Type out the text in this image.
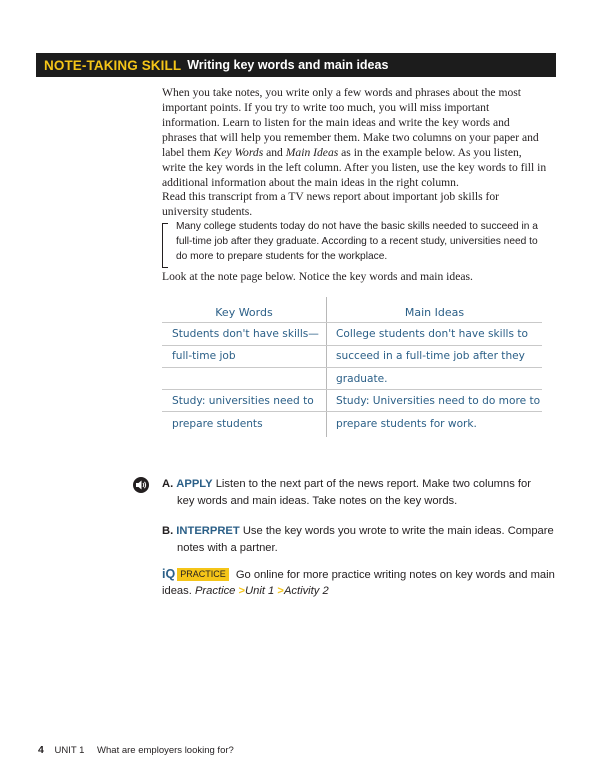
NOTE-TAKING SKILL Writing key words and main ideas

When you take notes, you write only a few words and phrases about the most important points. If you try to write too much, you will miss important information. Learn to listen for the main ideas and write the key words and phrases that will help you remember them. Make two columns on your paper and label them Key Words and Main Ideas as in the example below. As you listen, write the key words in the left column. After you listen, use the key words to fill in additional information about the main ideas in the right column.

Read this transcript from a TV news report about important job skills for university students.

Many college students today do not have the basic skills needed to succeed in a full-time job after they graduate. According to a recent study, universities need to do more to prepare students for the workplace.

Look at the note page below. Notice the key words and main ideas.

Key Words	Main Ideas
Students don't have skills—
full-time job
Study: universities need to
prepare students
College students don't have skills to
succeed in a full-time job after they
graduate.
Study: Universities need to do more to
prepare students for work.
A. APPLY Listen to the next part of the news report. Make two columns for
key words and main ideas. Take notes on the key words.
B. INTERPRET Use the key words you wrote to write the main ideas. Compare
notes with a partner.
iQ PRACTICE Go online for more practice writing notes on key words and main
ideas. Practice >Unit 1 >Activity 2
4 UNIT 1 What are employers looking for?
